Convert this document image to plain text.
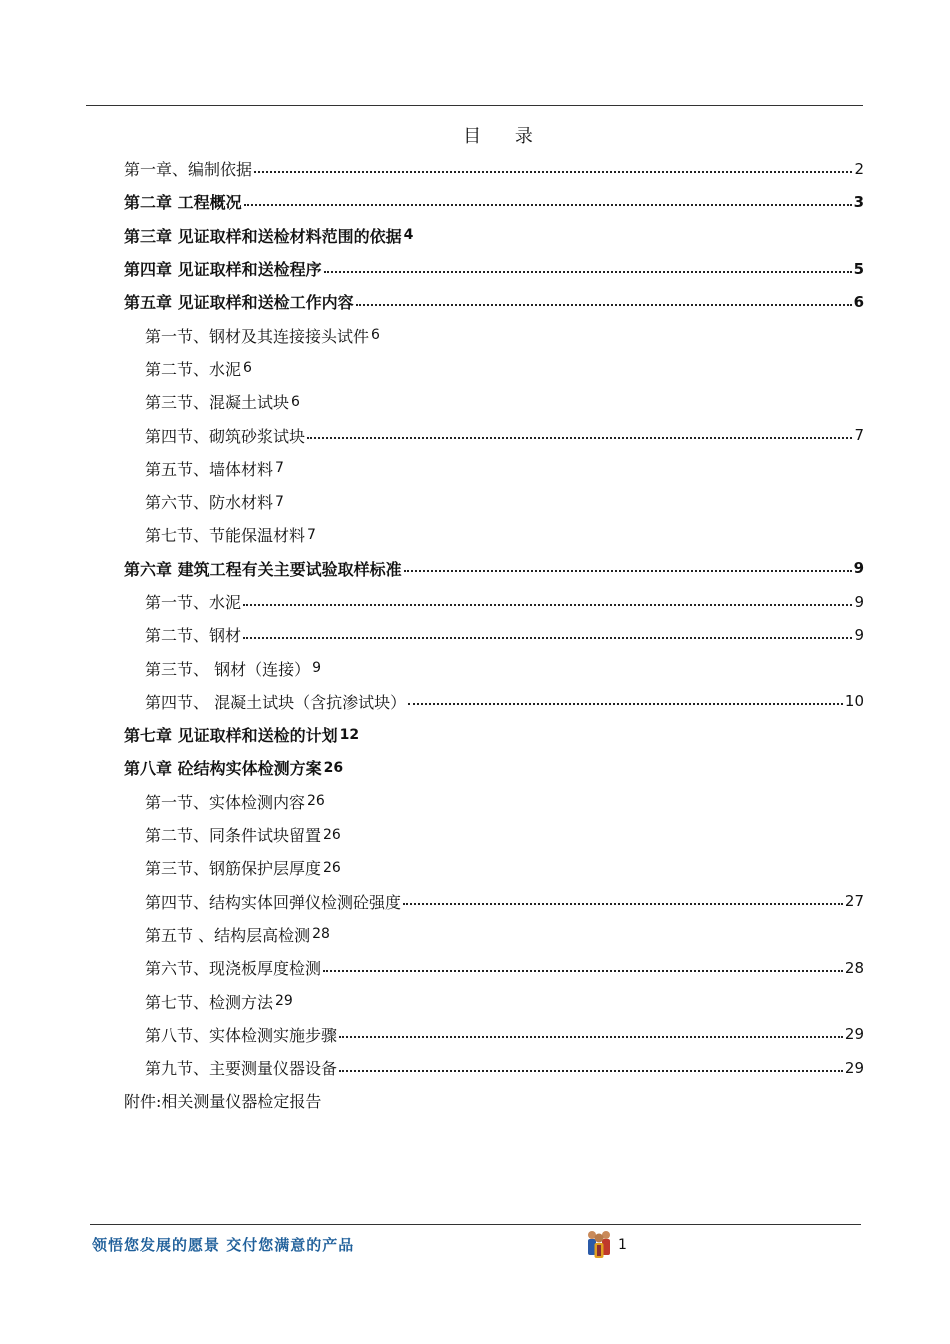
目 录
第一章、编制依据	2
第二章 工程概况	3
第三章 见证取样和送检材料范围的依据 4
第四章 见证取样和送检程序	5
第五章 见证取样和送检工作内容	6
第一节、钢材及其连接接头试件 6
第二节、水泥 6
第三节、混凝土试块 6
第四节、砌筑砂浆试块	7
第五节、墙体材料 7
第六节、防水材料 7
第七节、节能保温材料 7
第六章 建筑工程有关主要试验取样标准	9
第一节、水泥	9
第二节、钢材	9
第三节、 钢材（连接） 9
第四节、 混凝土试块（含抗渗试块）	10
第七章 见证取样和送检的计划 12
第八章 砼结构实体检测方案 26
第一节、实体检测内容 26
第二节、同条件试块留置 26
第三节、钢筋保护层厚度 26
第四节、结构实体回弹仪检测砼强度	27
第五节 、结构层高检测 28
第六节、现浇板厚度检测	28
第七节、检测方法 29
第八节、实体检测实施步骤	29
第九节、主要测量仪器设备	29
附件:相关测量仪器检定报告
领悟您发展的愿景 交付您满意的产品	1
